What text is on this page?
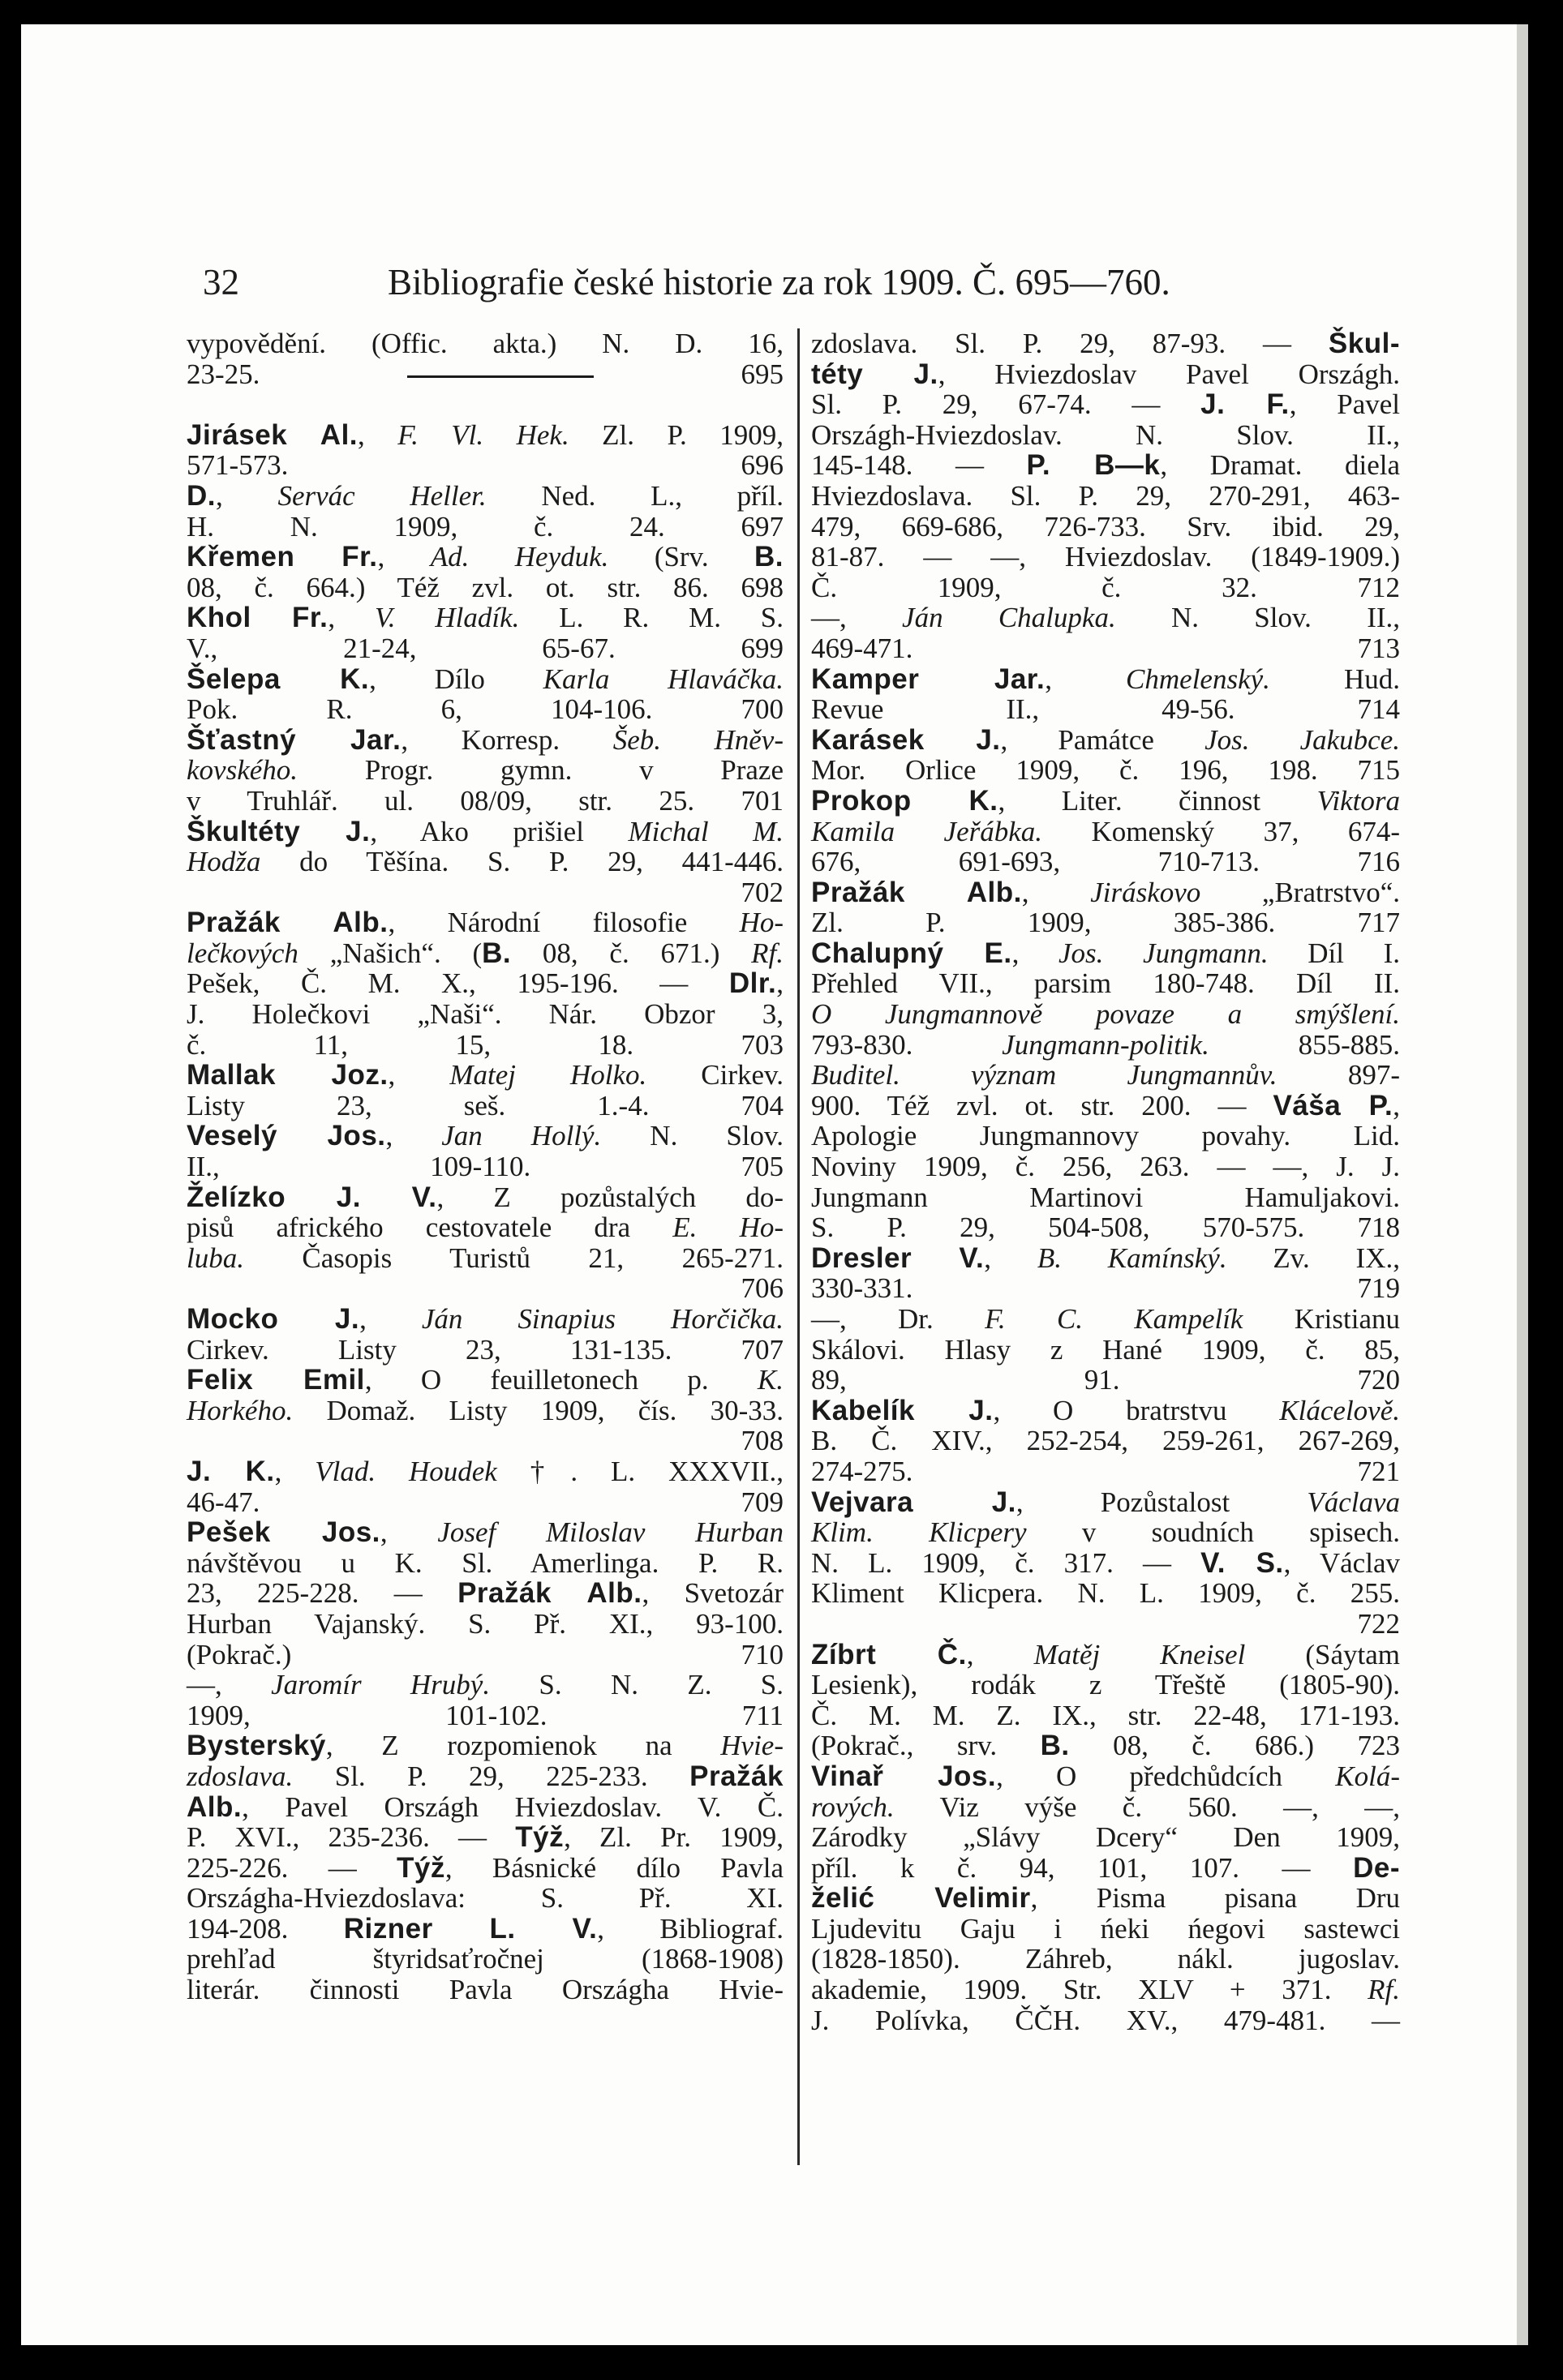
32	Bibliografie české historie za rok 1909. Č. 695—760.
vypovědění. (Offic. akta.) N. D. 16,
23-25.	695

Jirásek Al., F. Vl. Hek. Zl. P. 1909,
571-573. 696
D., Servác Heller. Ned. L., příl.
H. N. 1909, č. 24. 697
Křemen Fr., Ad. Heyduk. (Srv. B.
08, č. 664.) Též zvl. ot. str. 86. 698
Khol Fr., V. Hladík. L. R. M. S.
V., 21-24, 65-67. 699
Šelepa K., Dílo Karla Hlaváčka.
Pok. R. 6, 104-106. 700
Šťastný Jar., Korresp. Šeb. Hněv-
kovského. Progr. gymn. v Praze
v Truhlář. ul. 08/09, str. 25. 701
Škultéty J., Ako prišiel Michal M.
Hodža do Těšína. S. P. 29, 441-446.
702
Pražák Alb., Národní filosofie Ho-
lečkových „Našich“. (B. 08, č. 671.) Rf.
Pešek, Č. M. X., 195-196. — Dlr.,
J. Holečkovi „Naši“. Nár. Obzor 3,
č. 11, 15, 18. 703
Mallak Joz., Matej Holko. Cirkev.
Listy 23, seš. 1.-4. 704
Veselý Jos., Jan Hollý. N. Slov.
II., 109-110. 705
Želízko J. V., Z pozůstalých do-
pisů afrického cestovatele dra E. Ho-
luba. Časopis Turistů 21, 265-271.
706
Mocko J., Ján Sinapius Horčička.
Cirkev. Listy 23, 131-135. 707
Felix Emil, O feuilletonech p. K.
Horkého. Domaž. Listy 1909, čís. 30-33.
708
J. K., Vlad. Houdek †. L. XXXVII.,
46-47. 709
Pešek Jos., Josef Miloslav Hurban
návštěvou u K. Sl. Amerlinga. P. R.
23, 225-228. — Pražák Alb., Svetozár
Hurban Vajanský. S. Př. XI., 93-100.
(Pokrač.) 710
—, Jaromír Hrubý. S. N. Z. S.
1909, 101-102. 711
Bysterský, Z rozpomienok na Hvie-
zdoslava. Sl. P. 29, 225-233. Pražák
Alb., Pavel Országh Hviezdoslav. V. Č.
P. XVI., 235-236. — Týž, Zl. Pr. 1909,
225-226. — Týž, Básnické dílo Pavla
Országha-Hviezdoslava: S. Př. XI.
194-208. Rizner L. V., Bibliograf.
prehľad štyridsaťročnej (1868-1908)
literár. činnosti Pavla Országha Hvie-
zdoslava. Sl. P. 29, 87-93. — Škul-
téty J., Hviezdoslav Pavel Országh.
Sl. P. 29, 67-74. — J. F., Pavel
Országh-Hviezdoslav. N. Slov. II.,
145-148. — P. B—k, Dramat. diela
Hviezdoslava. Sl. P. 29, 270-291, 463-
479, 669-686, 726-733. Srv. ibid. 29,
81-87. — —, Hviezdoslav. (1849-1909.)
Č. 1909, č. 32. 712
—, Ján Chalupka. N. Slov. II.,
469-471. 713
Kamper Jar., Chmelenský. Hud.
Revue II., 49-56. 714
Karásek J., Památce Jos. Jakubce.
Mor. Orlice 1909, č. 196, 198. 715
Prokop K., Liter. činnost Viktora
Kamila Jeřábka. Komenský 37, 674-
676, 691-693, 710-713. 716
Pražák Alb., Jiráskovo „Bratrstvo“.
Zl. P. 1909, 385-386. 717
Chalupný E., Jos. Jungmann. Díl I.
Přehled VII., parsim 180-748. Díl II.
O Jungmannově povaze a smýšlení.
793-830. Jungmann-politik. 855-885.
Buditel. význam Jungmannův. 897-
900. Též zvl. ot. str. 200. — Váša P.,
Apologie Jungmannovy povahy. Lid.
Noviny 1909, č. 256, 263. — —, J. J.
Jungmann Martinovi Hamuljakovi.
S. P. 29, 504-508, 570-575. 718
Dresler V., B. Kamínský. Zv. IX.,
330-331. 719
—, Dr. F. C. Kampelík Kristianu
Skálovi. Hlasy z Hané 1909, č. 85,
89, 91. 720
Kabelík J., O bratrstvu Klácelově.
B. Č. XIV., 252-254, 259-261, 267-269,
274-275. 721
Vejvara J., Pozůstalost Václava
Klim. Klicpery v soudních spisech.
N. L. 1909, č. 317. — V. S., Václav
Kliment Klicpera. N. L. 1909, č. 255.
722
Zíbrt Č., Matěj Kneisel (Sáytam
Lesienk), rodák z Třeště (1805-90).
Č. M. M. Z. IX., str. 22-48, 171-193.
(Pokrač., srv. B. 08, č. 686.) 723
Vinař Jos., O předchůdcích Kolá-
rových. Viz výše č. 560. —, —,
Zárodky „Slávy Dcery“ Den 1909,
příl. k č. 94, 101, 107. — De-
želić Velimir, Pisma pisana Dru
Ljudevitu Gaju i ńeki ńegovi sastewci
(1828-1850). Záhreb, nákl. jugoslav.
akademie, 1909. Str. XLV + 371. Rf.
J. Polívka, ČČH. XV., 479-481. —
